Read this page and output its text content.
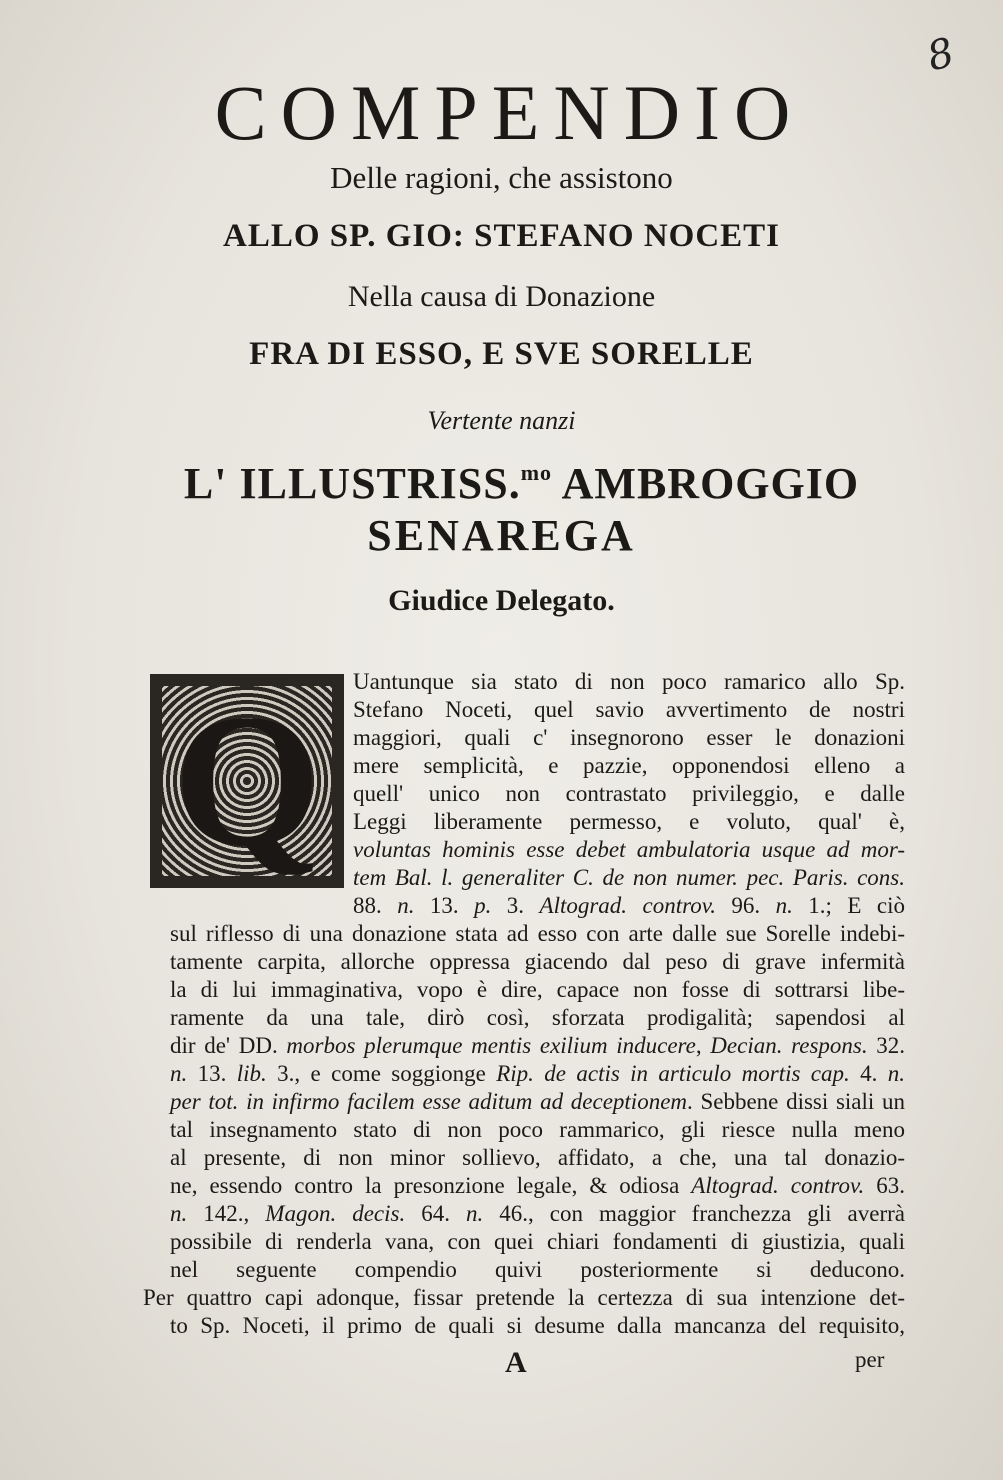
8
COMPENDIO
Delle ragioni, che assistono
ALLO SP. GIO: STEFANO NOCETI
Nella causa di Donazione
FRA DI ESSO, E SVE SORELLE
Vertente nanzi
L' ILLUSTRISS.$^{mo}$ AMBROGGIO
SENAREGA
Giudice Delegato.
Q	Uantunque sia stato di non poco ramarico allo Sp.
Stefano Noceti, quel savio avvertimento de nostri
maggiori, quali c' insegnorono esser le donazioni
mere semplicità, e pazzie, opponendosi elleno a
quell' unico non contrastato privileggio, e dalle
Leggi liberamente permesso, e voluto, qual' è,
voluntas hominis esse debet ambulatoria usque ad mor-
tem Bal. l. generaliter C. de non numer. pec. Paris. cons.
88. n. 13. p. 3. Altograd. controv. 96. n. 1.; E ciò
sul riflesso di una donazione stata ad esso con arte dalle sue Sorelle indebi-
tamente carpita, allorche oppressa giacendo dal peso di grave infermità
la di lui immaginativa, vopo è dire, capace non fosse di sottrarsi libe-
ramente da una tale, dirò così, sforzata prodigalità; sapendosi al
dir de' DD. morbos plerumque mentis exilium inducere, Decian. respons. 32.
n. 13. lib. 3., e come soggionge Rip. de actis in articulo mortis cap. 4. n.
per tot. in infirmo facilem esse aditum ad deceptionem. Sebbene dissi siali un
tal insegnamento stato di non poco rammarico, gli riesce nulla meno
al presente, di non minor sollievo, affidato, a che, una tal donazio-
ne, essendo contro la presonzione legale, & odiosa Altograd. controv. 63.
n. 142., Magon. decis. 64. n. 46., con maggior franchezza gli averrà
possibile di renderla vana, con quei chiari fondamenti di giustizia, quali
nel seguente compendio quivi posteriormente si deducono.
Per quattro capi adonque, fissar pretende la certezza di sua intenzione det-
to Sp. Noceti, il primo de quali si desume dalla mancanza del requisito,
A	per
